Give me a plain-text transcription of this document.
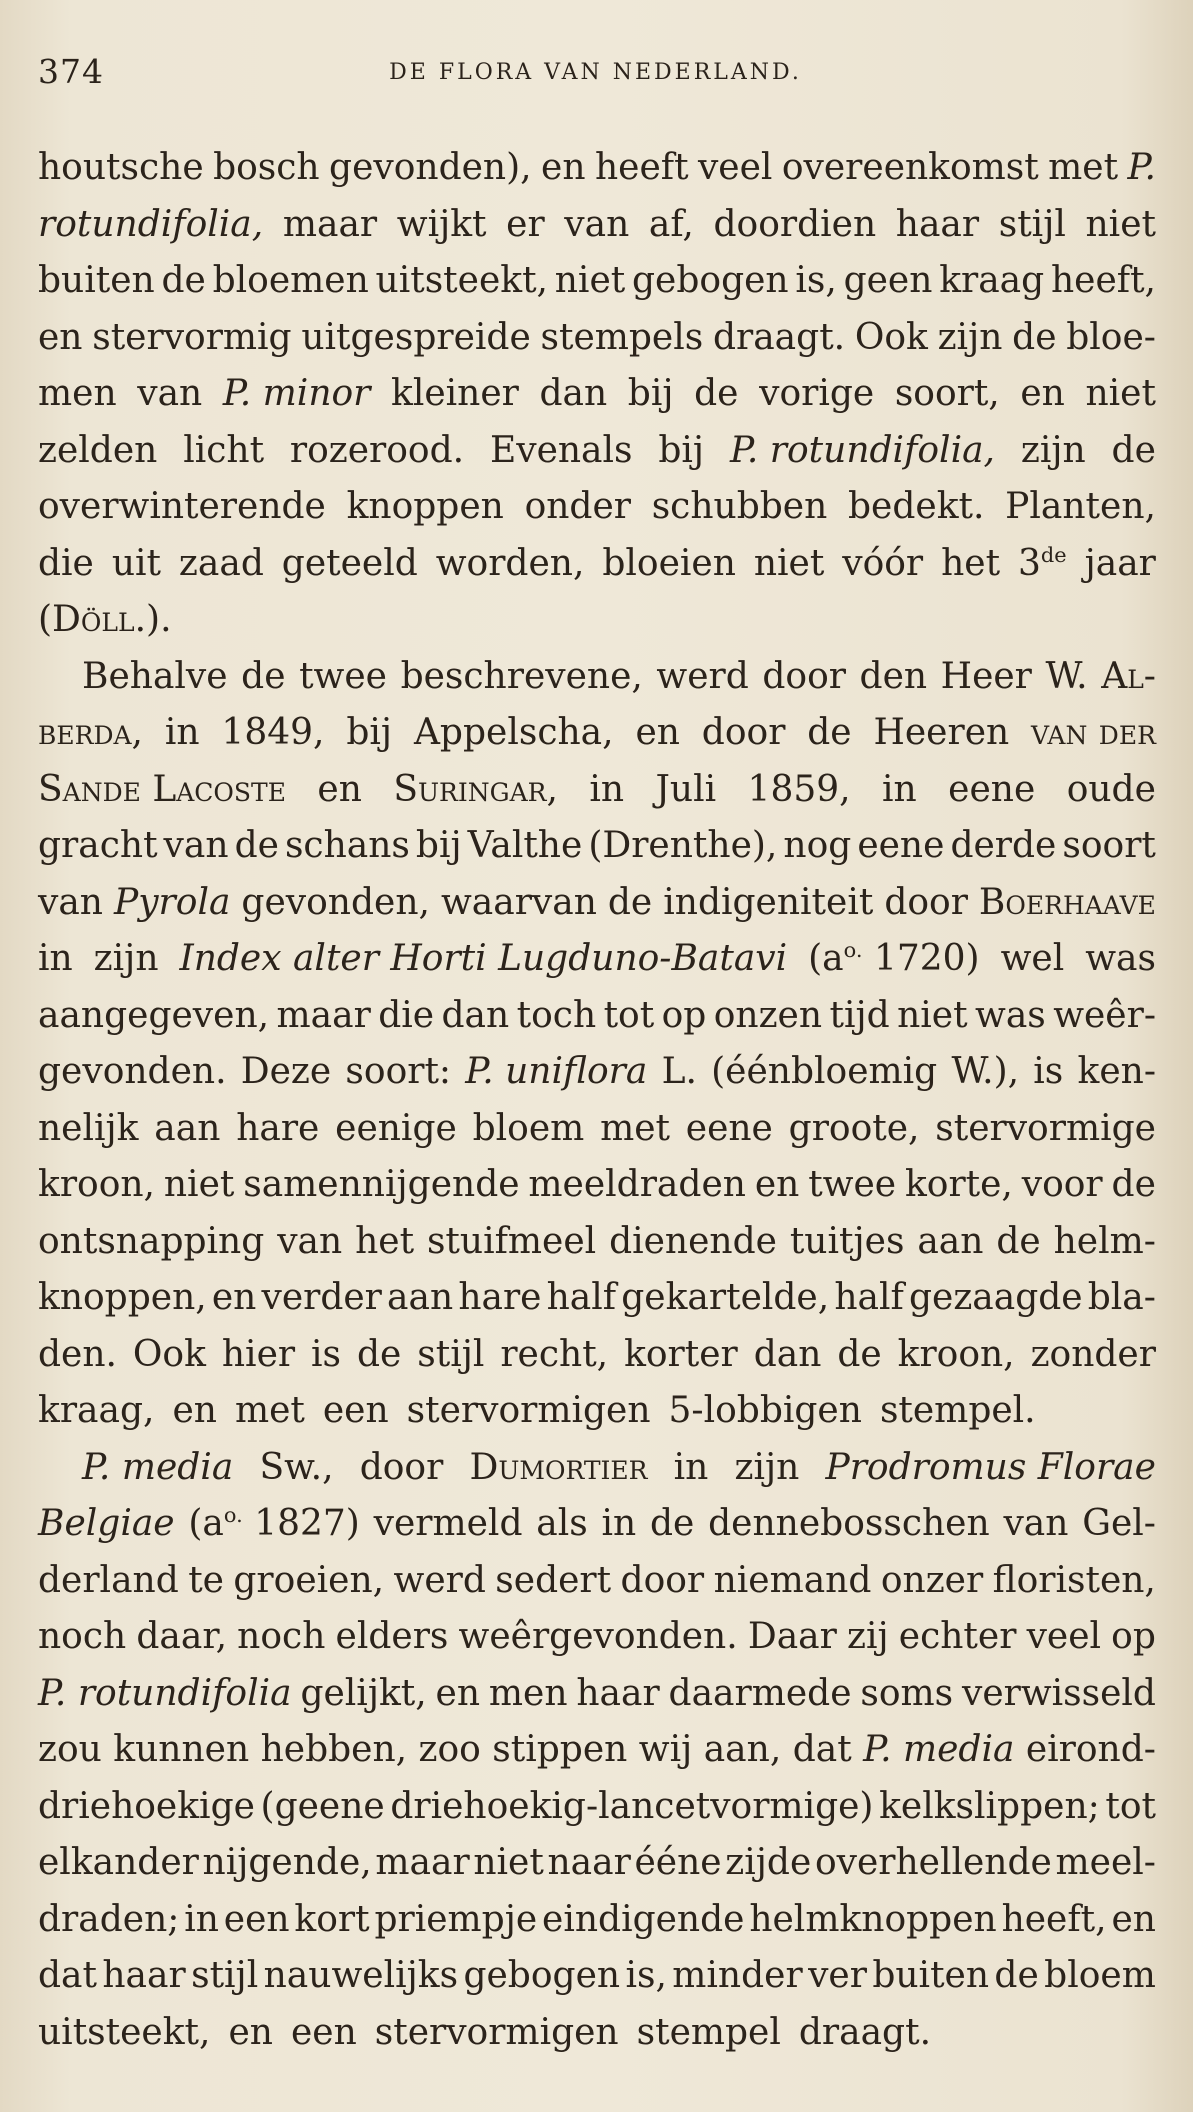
374	DE FLORA VAN NEDERLAND.
houtsche bosch gevonden), en heeft veel overeenkomst met P.
rotundifolia, maar wijkt er van af, doordien haar stijl niet
buiten de bloemen uitsteekt, niet gebogen is, geen kraag heeft,
en stervormig uitgespreide stempels draagt. Ook zijn de bloe-
men van P. minor kleiner dan bij de vorige soort, en niet
zelden licht rozerood. Evenals bij P. rotundifolia, zijn de
overwinterende knoppen onder schubben bedekt. Planten,
die uit zaad geteeld worden, bloeien niet vóór het 3de jaar
(Döll.).
Behalve de twee beschrevene, werd door den Heer W. Al-
berda, in 1849, bij Appelscha, en door de Heeren van der
Sande Lacoste en Suringar, in Juli 1859, in eene oude
gracht van de schans bij Valthe (Drenthe), nog eene derde soort
van Pyrola gevonden, waarvan de indigeniteit door Boerhaave
in zijn Index alter Horti Lugduno-Batavi ($a^{o.}$ 1720) wel was
aangegeven, maar die dan toch tot op onzen tijd niet was weêr-
gevonden. Deze soort: P. uniflora L. (éénbloemig W.), is ken-
nelijk aan hare eenige bloem met eene groote, stervormige
kroon, niet samennijgende meeldraden en twee korte, voor de
ontsnapping van het stuifmeel dienende tuitjes aan de helm-
knoppen, en verder aan hare half gekartelde, half gezaagde bla-
den. Ook hier is de stijl recht, korter dan de kroon, zonder
kraag, en met een stervormigen 5-lobbigen stempel.
P. media Sw., door Dumortier in zijn Prodromus Florae
Belgiae ($a^{o.}$ 1827) vermeld als in de dennebosschen van Gel-
derland te groeien, werd sedert door niemand onzer floristen,
noch daar, noch elders weêrgevonden. Daar zij echter veel op
P. rotundifolia gelijkt, en men haar daarmede soms verwisseld
zou kunnen hebben, zoo stippen wij aan, dat P. media eirond-
driehoekige (geene driehoekig-lancetvormige) kelkslippen; tot
elkander nijgende, maar niet naar ééne zijde overhellende meel-
draden; in een kort priempje eindigende helmknoppen heeft, en
dat haar stijl nauwelijks gebogen is, minder ver buiten de bloem
uitsteekt, en een stervormigen stempel draagt.
